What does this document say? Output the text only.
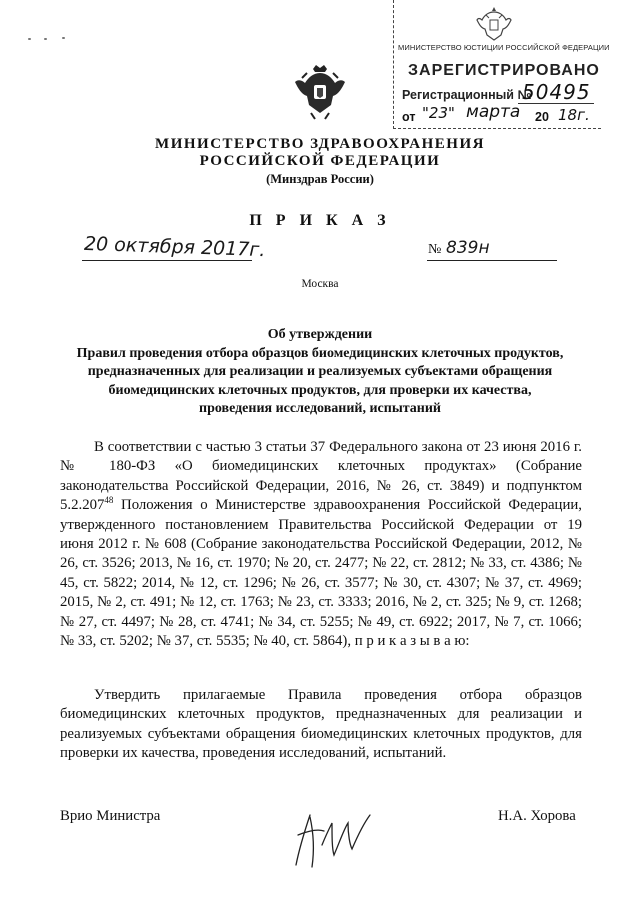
МИНИСТЕРСТВО ЮСТИЦИИ РОССИЙСКОЙ ФЕДЕРАЦИИ
ЗАРЕГИСТРИРОВАНО
Регистрационный №
50495
от "23" марта 20 18г.
МИНИСТЕРСТВО ЗДРАВООХРАНЕНИЯ
РОССИЙСКОЙ ФЕДЕРАЦИИ
(Минздрав России)
П Р И К А З
20 октября 2017г.	№ 839н
Москва
Об утверждении
Правил проведения отбора образцов биомедицинских клеточных продуктов,
предназначенных для реализации и реализуемых субъектами обращения
биомедицинских клеточных продуктов, для проверки их качества,
проведения исследований, испытаний

В соответствии с частью 3 статьи 37 Федерального закона от 23 июня 2016 г. № 180-ФЗ «О биомедицинских клеточных продуктах» (Собрание законодательства Российской Федерации, 2016, № 26, ст. 3849) и подпунктом 5.2.207$^{48}$ Положения о Министерстве здравоохранения Российской Федерации, утвержденного постановлением Правительства Российской Федерации от 19 июня 2012 г. № 608 (Собрание законодательства Российской Федерации, 2012, № 26, ст. 3526; 2013, № 16, ст. 1970; № 20, ст. 2477; № 22, ст. 2812; № 33, ст. 4386; № 45, ст. 5822; 2014, № 12, ст. 1296; № 26, ст. 3577; № 30, ст. 4307; № 37, ст. 4969; 2015, № 2, ст. 491; № 12, ст. 1763; № 23, ст. 3333; 2016, № 2, ст. 325; № 9, ст. 1268; № 27, ст. 4497; № 28, ст. 4741; № 34, ст. 5255; № 49, ст. 6922; 2017, № 7, ст. 1066; № 33, ст. 5202; № 37, ст. 5535; № 40, ст. 5864), п р и к а з ы в а ю:

Утвердить прилагаемые Правила проведения отбора образцов биомедицинских клеточных продуктов, предназначенных для реализации и реализуемых субъектами обращения биомедицинских клеточных продуктов, для проверки их качества, проведения исследований, испытаний.

Врио Министра	Н.А. Хорова
